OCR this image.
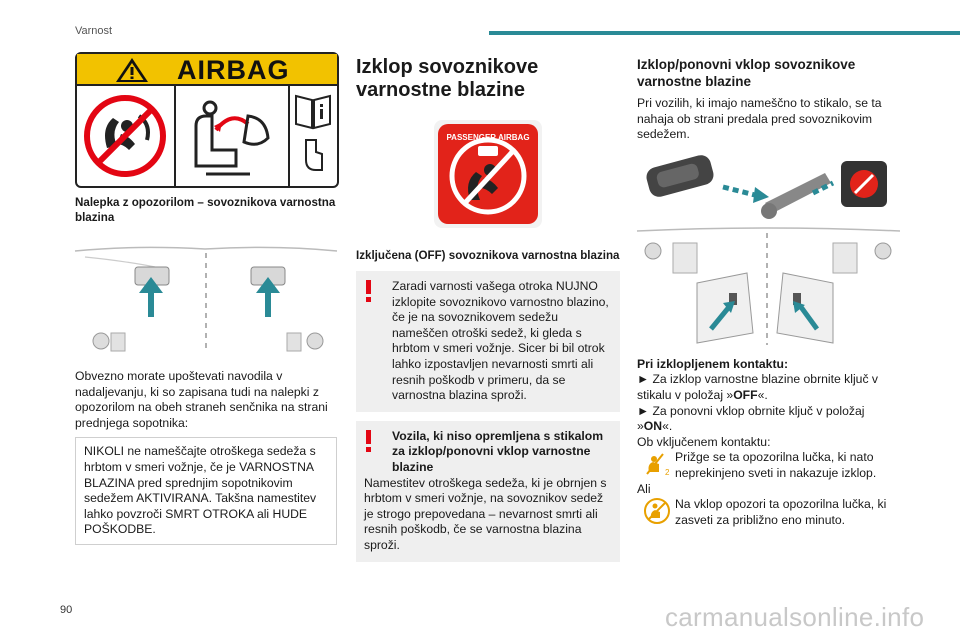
Varnost
AIRBAG
Nalepka z opozorilom – sovoznikova varnostna blazina
Obvezno morate upoštevati navodila v nadaljevanju, ki so zapisana tudi na nalepki z opozorilom na obeh straneh senčnika na strani prednjega sopotnika:
NIKOLI ne nameščajte otroškega sedeža s hrbtom v smeri vožnje, če je VARNOSTNA BLAZINA pred sprednjim sopotnikovim sedežem AKTIVIRANA. Takšna namestitev lahko povzroči SMRT OTROKA ali HUDE POŠKODBE.
Izklop sovoznikove varnostne blazine
PASSENGER AIRBAG
Izključena (OFF) sovoznikova varnostna blazina
Zaradi varnosti vašega otroka NUJNO izklopite sovoznikovo varnostno blazino, če je na sovoznikovem sedežu nameščen otroški sedež, ki gleda s hrbtom v smeri vožnje. Sicer bi bil otrok lahko izpostavljen nevarnosti smrti ali resnih poškodb v primeru, da se varnostna blazina sproži.
Vozila, ki niso opremljena s stikalom za izklop/ponovni vklop varnostne blazine
Namestitev otroškega sedeža, ki je obrnjen s hrbtom v smeri vožnje, na sovoznikov sedež je strogo prepovedana – nevarnost smrti ali resnih poškodb, če se varnostna blazina sproži.
Izklop/ponovni vklop sovoznikove varnostne blazine
Pri vozilih, ki imajo nameščno to stikalo, se ta nahaja ob strani predala pred sovoznikovim sedežem.
Pri izklopljenem kontaktu:
► Za izklop varnostne blazine obrnite ključ v stikalu v položaj »OFF«.
► Za ponovni vklop obrnite ključ v položaj »ON«.
Ob vključenem kontaktu:
2
Prižge se ta opozorilna lučka, ki nato neprekinjeno sveti in nakazuje izklop.
Ali
Na vklop opozori ta opozorilna lučka, ki zasveti za približno eno minuto.
90	carmanualsonline.info
